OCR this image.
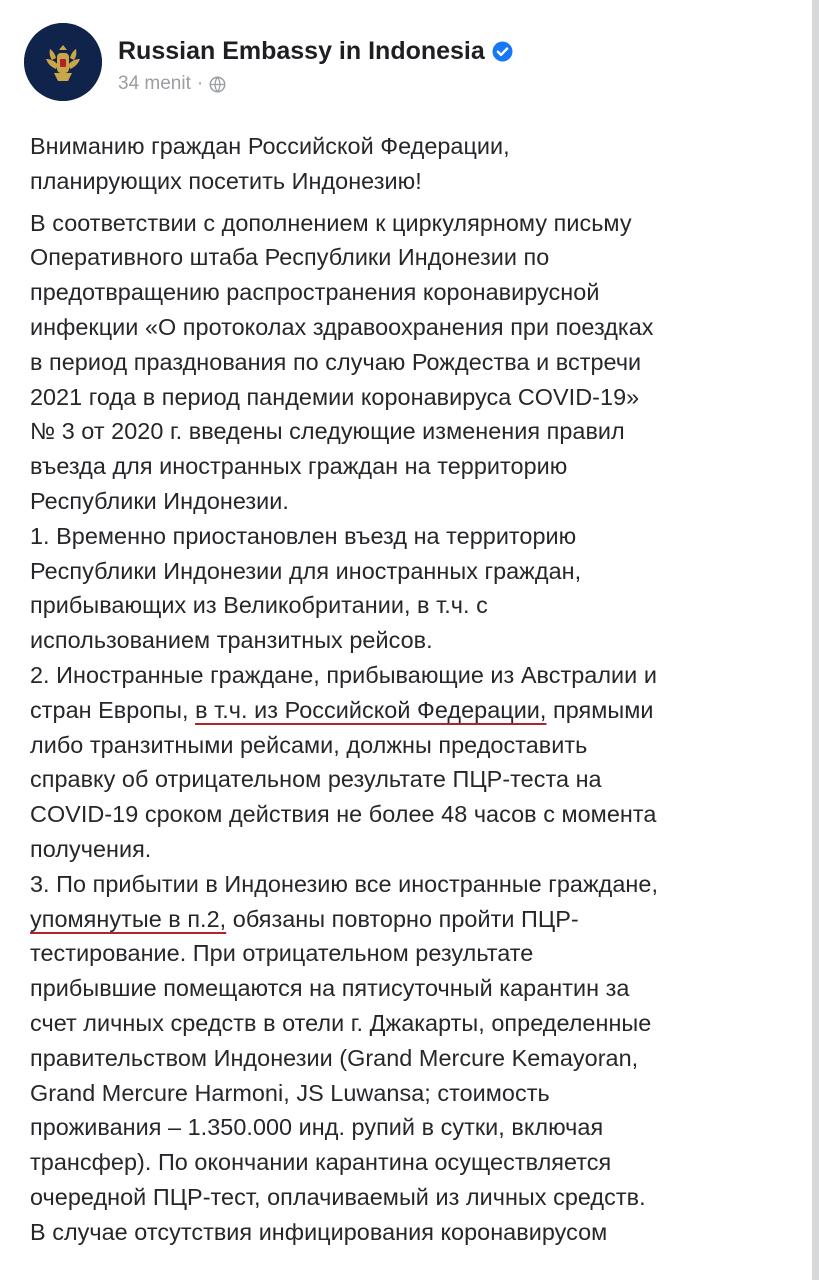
Russian Embassy in Indonesia
34 menit ·
Вниманию граждан Российской Федерации,
планирующих посетить Индонезию!
В соответствии с дополнением к циркулярному письму
Оперативного штаба Республики Индонезии по
предотвращению распространения коронавирусной
инфекции «О протоколах здравоохранения при поездках
в период празднования по случаю Рождества и встречи
2021 года в период пандемии коронавируса COVID-19»
№ 3 от 2020 г. введены следующие изменения правил
въезда для иностранных граждан на территорию
Республики Индонезии.
1. Временно приостановлен въезд на территорию
Республики Индонезии для иностранных граждан,
прибывающих из Великобритании, в т.ч. с
использованием транзитных рейсов.
2. Иностранные граждане, прибывающие из Австралии и
стран Европы, в т.ч. из Российской Федерации, прямыми
либо транзитными рейсами, должны предоставить
справку об отрицательном результате ПЦР-теста на
COVID-19 сроком действия не более 48 часов с момента
получения.
3. По прибытии в Индонезию все иностранные граждане,
упомянутые в п.2, обязаны повторно пройти ПЦР-
тестирование. При отрицательном результате
прибывшие помещаются на пятисуточный карантин за
счет личных средств в отели г. Джакарты, определенные
правительством Индонезии (Grand Mercure Kemayoran,
Grand Mercure Harmoni, JS Luwansa; стоимость
проживания – 1.350.000 инд. рупий в сутки, включая
трансфер). По окончании карантина осуществляется
очередной ПЦР-тест, оплачиваемый из личных средств.
В случае отсутствия инфицирования коронавирусом
